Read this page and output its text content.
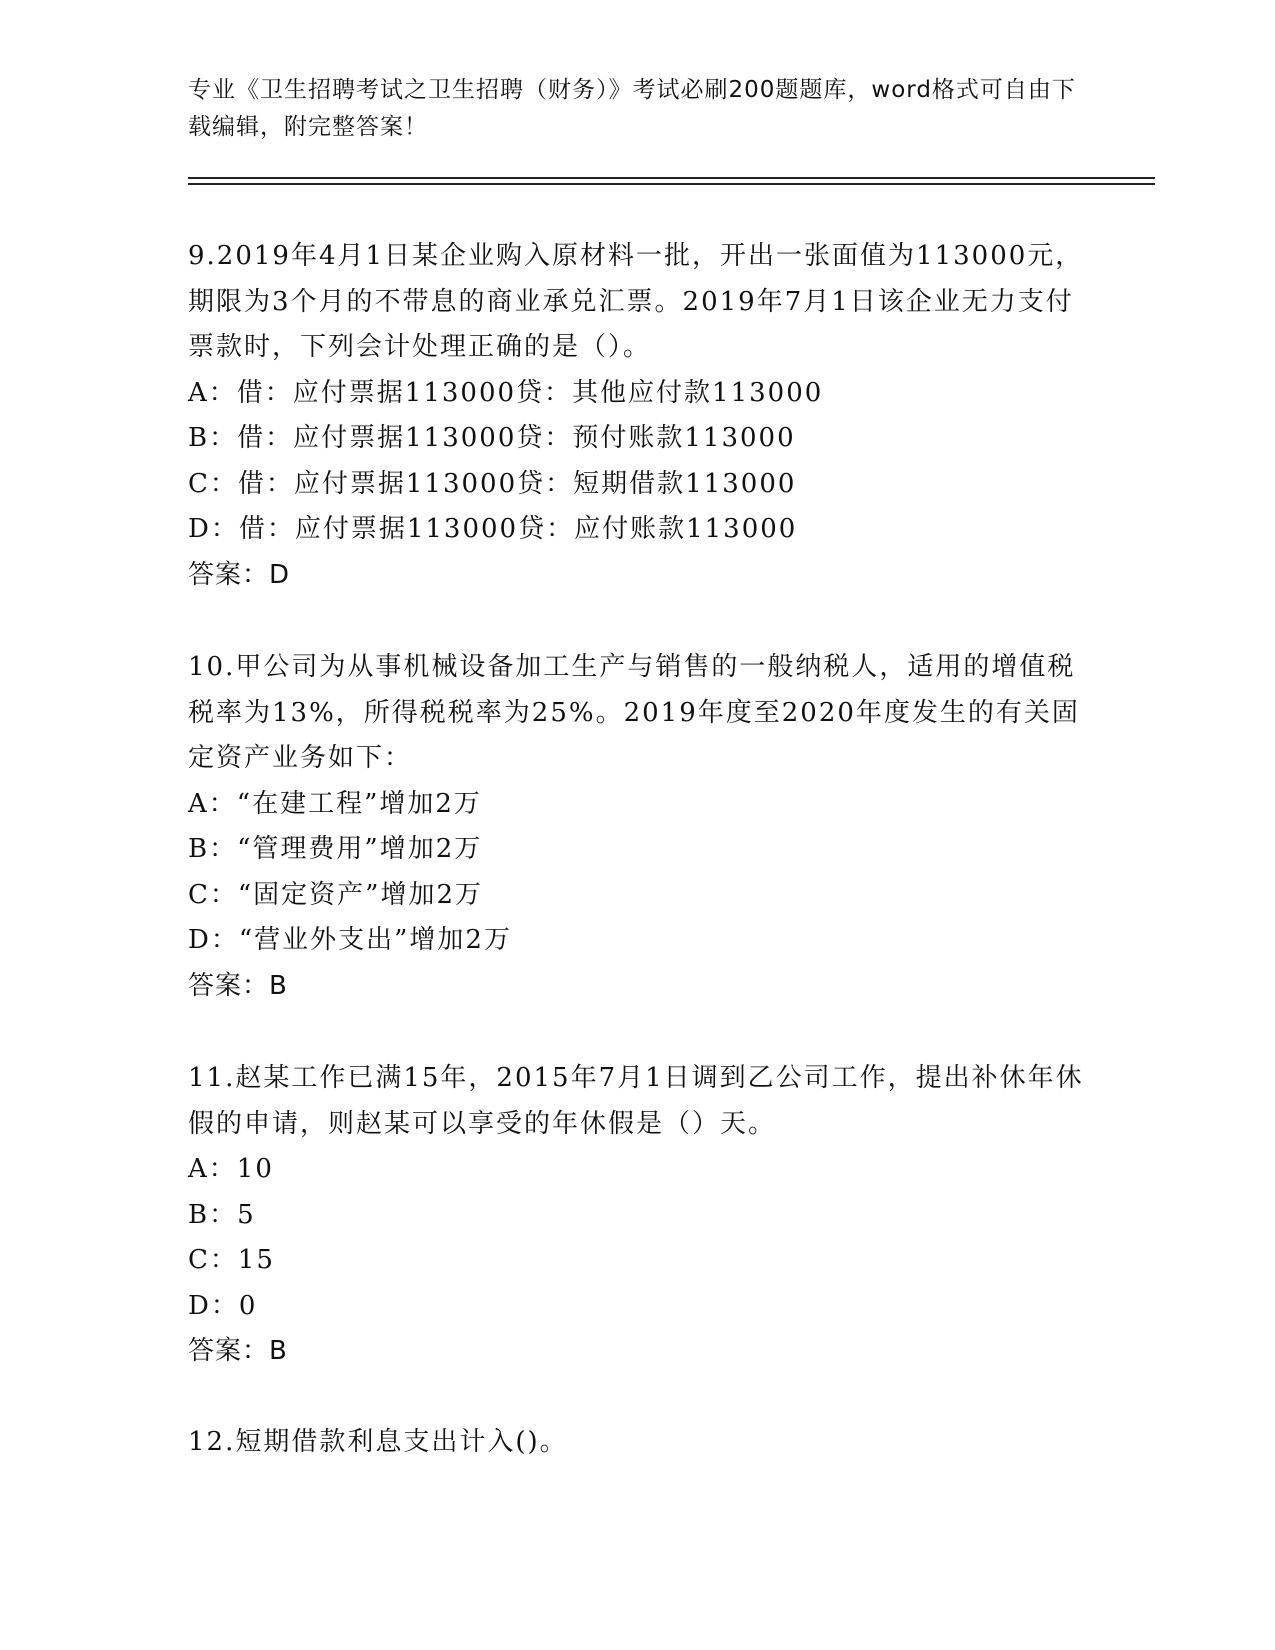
专业《卫生招聘考试之卫生招聘（财务）》考试必刷200题题库，word格式可自由下载编辑，附完整答案！

9.2019年4月1日某企业购入原材料一批，开出一张面值为113000元，期限为3个月的不带息的商业承兑汇票。2019年7月1日该企业无力支付票款时，下列会计处理正确的是（）。

A：借：应付票据113000贷：其他应付款113000

B：借：应付票据113000贷：预付账款113000

C：借：应付票据113000贷：短期借款113000

D：借：应付票据113000贷：应付账款113000

答案：D

10.甲公司为从事机械设备加工生产与销售的一般纳税人，适用的增值税税率为13%，所得税税率为25%。2019年度至2020年度发生的有关固定资产业务如下：

A：“在建工程”增加2万

B：“管理费用”增加2万

C：“固定资产”增加2万

D：“营业外支出”增加2万

答案：B

11.赵某工作已满15年，2015年7月1日调到乙公司工作，提出补休年休假的申请，则赵某可以享受的年休假是（）天。

A：10

B：5

C：15

D：0

答案：B

12.短期借款利息支出计入()。
